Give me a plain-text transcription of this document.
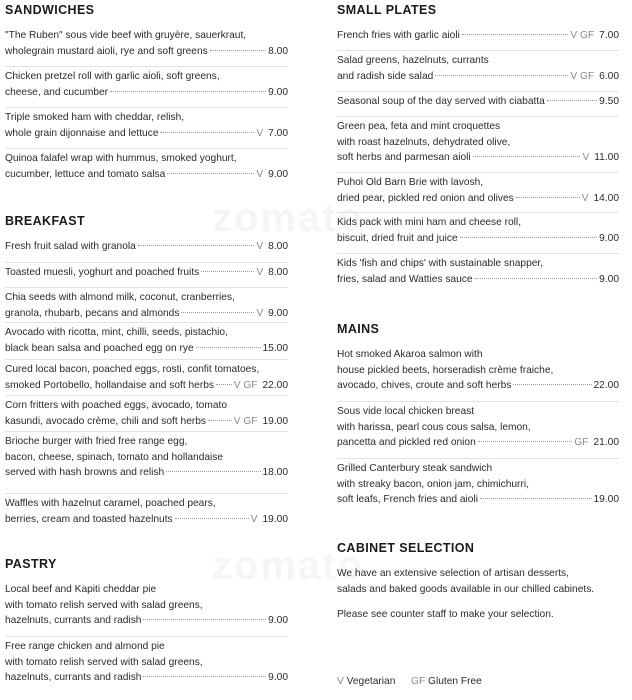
zomato
zomato
SANDWICHES
"The Ruben" sous vide beef with gruyère, sauerkraut,
wholegrain mustard aioli, rye and soft greens	8.00
Chicken pretzel roll with garlic aioli, soft greens,
cheese, and cucumber	9.00
Triple smoked ham with cheddar, relish,
whole grain dijonnaise and lettuce	V 7.00
Quinoa falafel wrap with hummus, smoked yoghurt,
cucumber, lettuce and tomato salsa	V 9.00
BREAKFAST
Fresh fruit salad with granola	V 8.00
Toasted muesli, yoghurt and poached fruits	V 8.00
Chia seeds with almond milk, coconut, cranberries,
granola, rhubarb, pecans and almonds	V 9.00
Avocado with ricotta, mint, chilli, seeds, pistachio,
black bean salsa and poached egg on rye	15.00
Cured local bacon, poached eggs, rosti, confit tomatoes,
smoked Portobello, hollandaise and soft herbs V GF 22.00
Corn fritters with poached eggs, avocado, tomato
kasundi, avocado crème, chili and soft herbs	V GF 19.00
Brioche burger with fried free range egg,
bacon, cheese, spinach, tomato and hollandaise
served with hash browns and relish	18.00
Waffles with hazelnut caramel, poached pears,
berries, cream and toasted hazelnuts	V 19.00
PASTRY
Local beef and Kapiti cheddar pie
with tomato relish served with salad greens,
hazelnuts, currants and radish	9.00
Free range chicken and almond pie
with tomato relish served with salad greens,
hazelnuts, currants and radish	9.00
SMALL PLATES
French fries with garlic aioli	V GF 7.00
Salad greens, hazelnuts, currants
and radish side salad	V GF 6.00
Seasonal soup of the day served with ciabatta	9.50
Green pea, feta and mint croquettes
with roast hazelnuts, dehydrated olive,
soft herbs and parmesan aioli	V 11.00
Puhoi Old Barn Brie with lavosh,
dried pear, pickled red onion and olives	V 14.00
Kids pack with mini ham and cheese roll,
biscuit, dried fruit and juice	9.00
Kids 'fish and chips' with sustainable snapper,
fries, salad and Watties sauce	9.00
MAINS
Hot smoked Akaroa salmon with
house pickled beets, horseradish crème fraiche,
avocado, chives, croute and soft herbs	22.00
Sous vide local chicken breast
with harissa, pearl cous cous salsa, lemon,
pancetta and pickled red onion	GF 21.00
Grilled Canterbury steak sandwich
with streaky bacon, onion jam, chimichurri,
soft leafs, French fries and aioli	19.00
CABINET SELECTION
We have an extensive selection of artisan desserts,
salads and baked goods available in our chilled cabinets.
Please see counter staff to make your selection.
V Vegetarian GF Gluten Free
